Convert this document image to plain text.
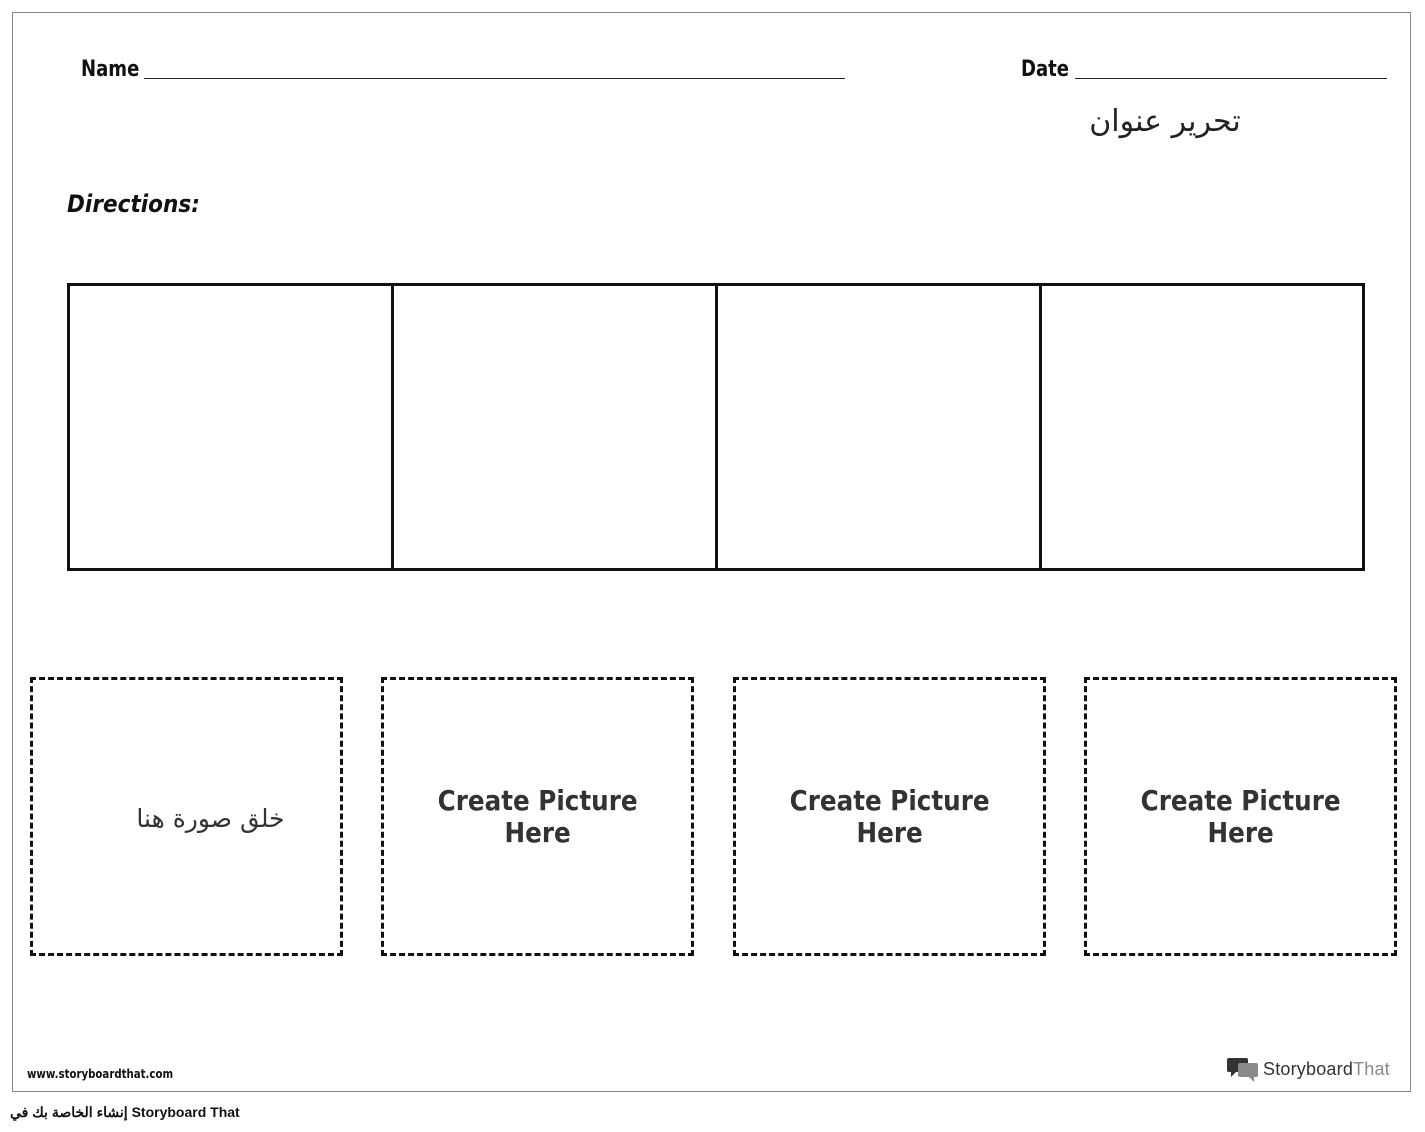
Name	Date
تحرير عنوان
Directions:
خلق صورة هنا
Create Picture
Here
Create Picture
Here
Create Picture
Here
www.storyboardthat.com	StoryboardThat
إنشاء الخاصة بك في Storyboard That
